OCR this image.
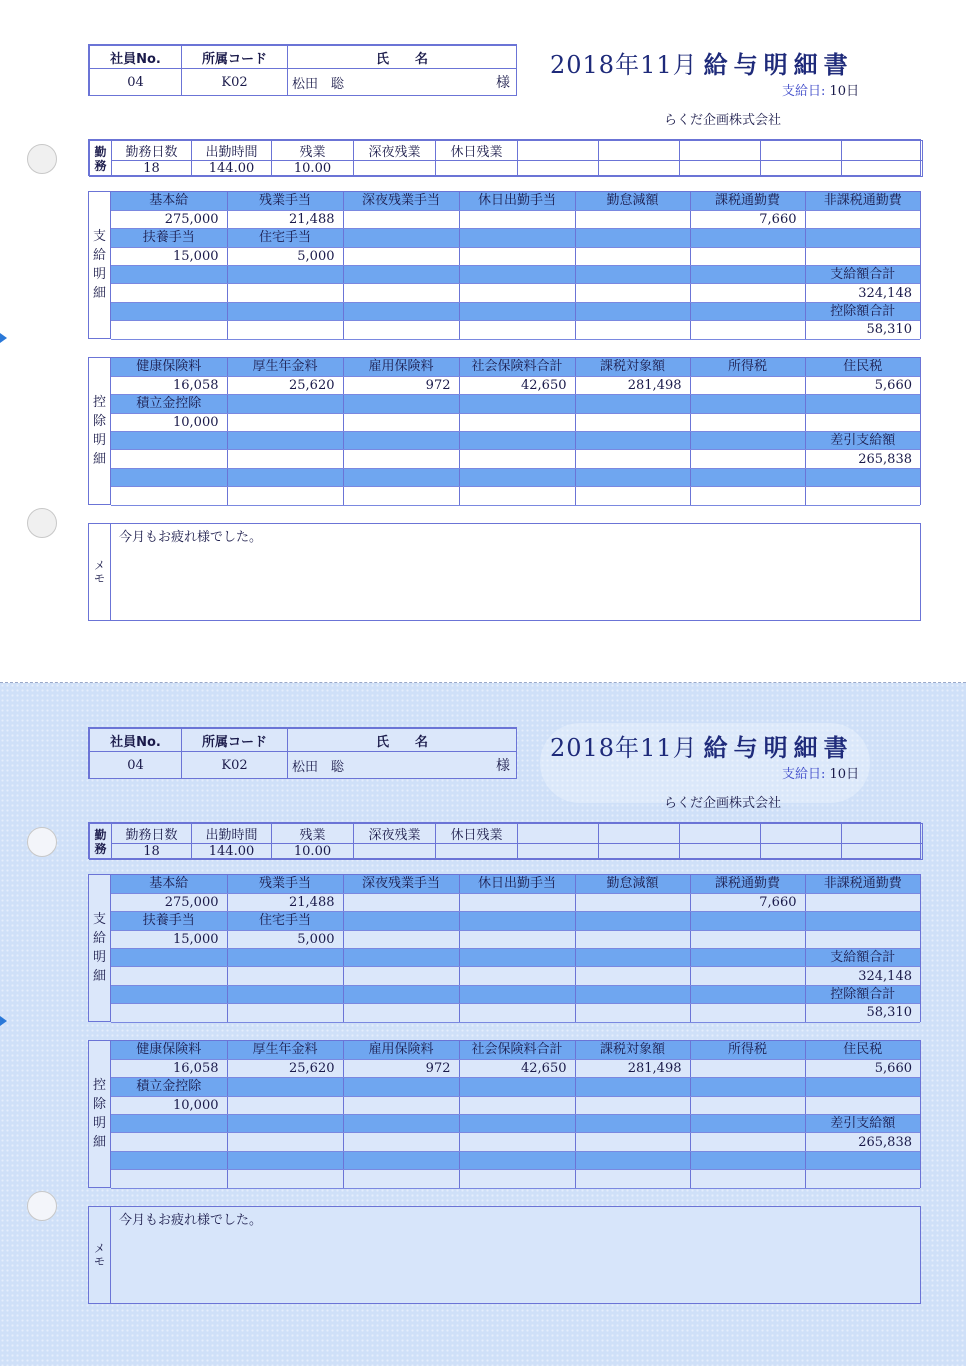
社員No.	所属コード	氏　　名
04	K02	松田　聡 様
2018年11月 給与明細書
支給日: 10日
らくだ企画株式会社
勤務	勤務日数	出勤時間	残業	深夜残業	休日残業					
	18	144.00	10.00							
支
給
明
細
基本給	残業手当	深夜残業手当	休日出勤手当	勤怠減額	課税通勤費	非課税通勤費
275,000	21,488				7,660	
扶養手当	住宅手当					
15,000	5,000					
						支給額合計
						324,148
						控除額合計
						58,310
控
除
明
細
健康保険料	厚生年金料	雇用保険料	社会保険料合計	課税対象額	所得税	住民税
16,058	25,620	972	42,650	281,498		5,660
積立金控除						
10,000						
						差引支給額
						265,838

メ
モ
今月もお疲れ様でした。
社員No.	所属コード	氏　　名
04	K02	松田　聡 様
2018年11月 給与明細書
支給日: 10日
らくだ企画株式会社
勤務	勤務日数	出勤時間	残業	深夜残業	休日残業					
	18	144.00	10.00							
支
給
明
細
基本給	残業手当	深夜残業手当	休日出勤手当	勤怠減額	課税通勤費	非課税通勤費
275,000	21,488				7,660	
扶養手当	住宅手当					
15,000	5,000					
						支給額合計
						324,148
						控除額合計
						58,310
控
除
明
細
健康保険料	厚生年金料	雇用保険料	社会保険料合計	課税対象額	所得税	住民税
16,058	25,620	972	42,650	281,498		5,660
積立金控除						
10,000						
						差引支給額
						265,838

メ
モ
今月もお疲れ様でした。
